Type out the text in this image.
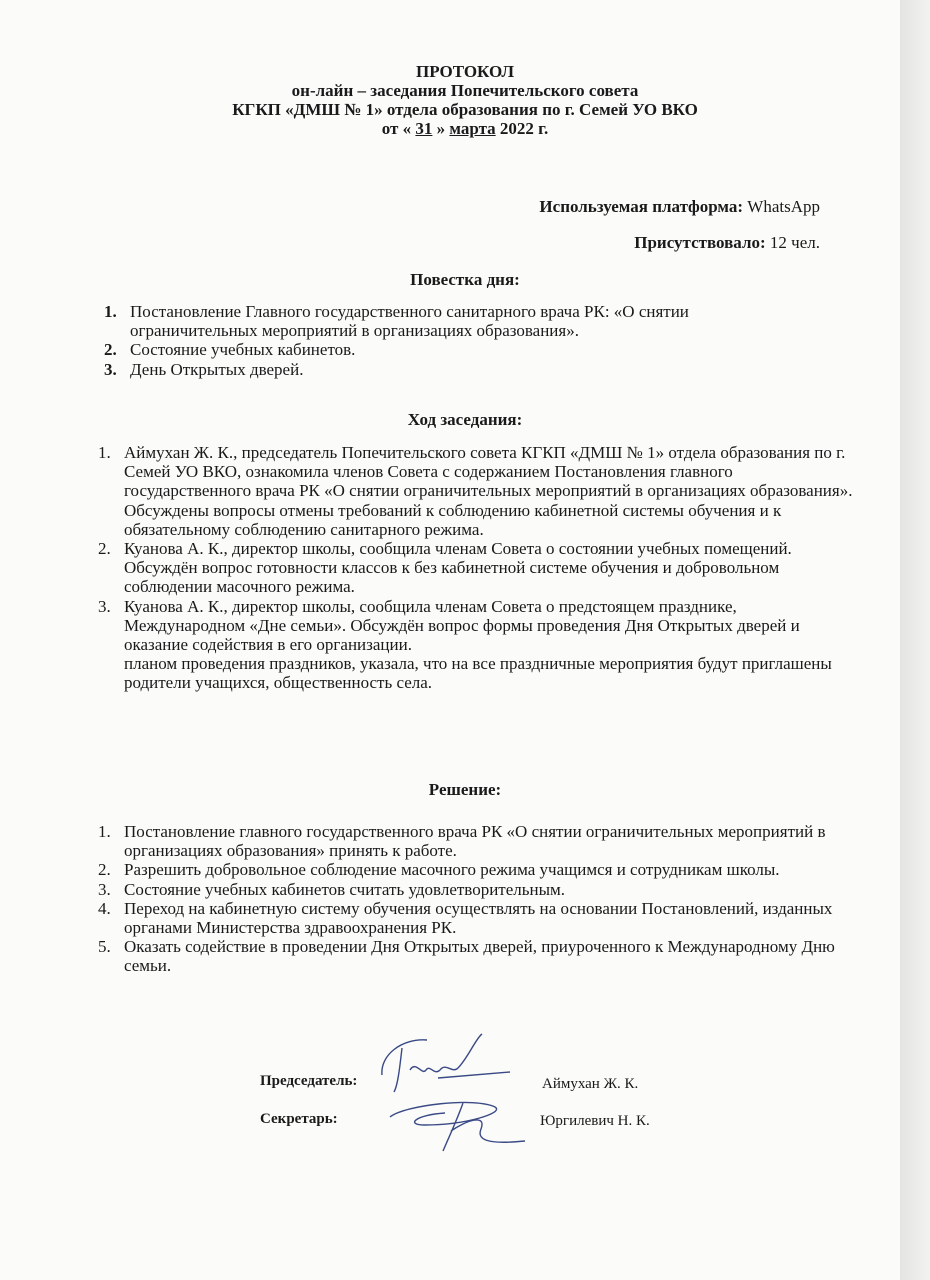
ПРОТОКОЛ
он-лайн – заседания Попечительского совета
КГКП «ДМШ № 1» отдела образования по г. Семей УО ВКО
от « 31 » марта 2022 г.
Используемая платформа: WhatsApp
Присутствовало: 12 чел.
Повестка дня:
1. Постановление Главного государственного санитарного врача РК: «О снятии ограничительных мероприятий в организациях образования».
2. Состояние учебных кабинетов.
3. День Открытых дверей.
Ход заседания:
1. Аймухан Ж. К., председатель Попечительского совета КГКП «ДМШ № 1» отдела образования по г. Семей УО ВКО, ознакомила членов Совета с содержанием Постановления главного государственного врача РК «О снятии ограничительных мероприятий в организациях образования». Обсуждены вопросы отмены требований к соблюдению кабинетной системы обучения и к обязательному соблюдению санитарного режима.
2. Куанова А. К., директор школы, сообщила членам Совета о состоянии учебных помещений. Обсуждён вопрос готовности классов к без кабинетной системе обучения и добровольном соблюдении масочного режима.
3. Куанова А. К., директор школы, сообщила членам Совета о предстоящем празднике, Международном «Дне семьи». Обсуждён вопрос формы проведения Дня Открытых дверей и оказание содействия в его организации.
планом проведения праздников, указала, что на все праздничные мероприятия будут приглашены родители учащихся, общественность села.
Решение:
1. Постановление главного государственного врача РК «О снятии ограничительных мероприятий в организациях образования» принять к работе.
2. Разрешить добровольное соблюдение масочного режима учащимся и сотрудникам школы.
3. Состояние учебных кабинетов считать удовлетворительным.
4. Переход на кабинетную систему обучения осуществлять на основании Постановлений, изданных органами Министерства здравоохранения РК.
5. Оказать содействие в проведении Дня Открытых дверей, приуроченного к Международному Дню семьи.
Председатель:	Аймухан Ж. К.
Секретарь:	Юргилевич Н. К.
